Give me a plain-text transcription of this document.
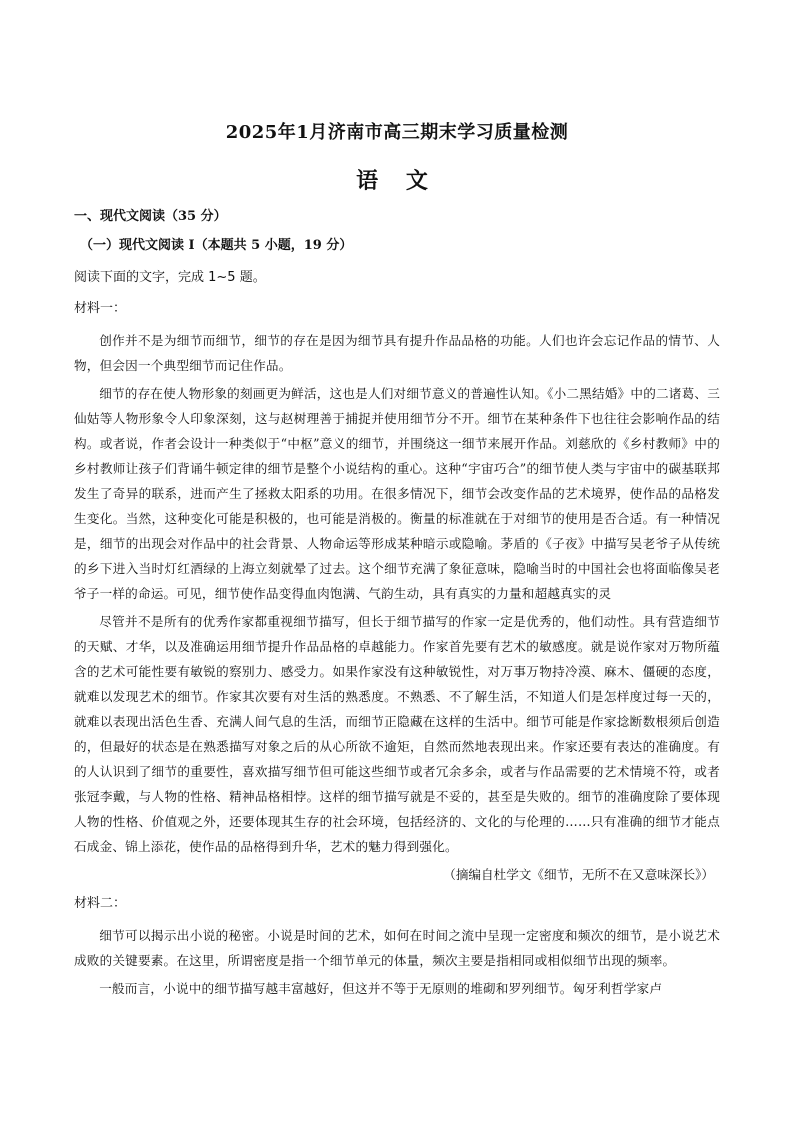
2025年1月济南市高三期末学习质量检测
语 文

一、现代文阅读（35 分）

（一）现代文阅读 I（本题共 5 小题，19 分）

阅读下面的文字，完成 1~5 题。

材料一：

创作并不是为细节而细节，细节的存在是因为细节具有提升作品品格的功能。人们也许会忘记作品的情节、人物，但会因一个典型细节而记住作品。

细节的存在使人物形象的刻画更为鲜活，这也是人们对细节意义的普遍性认知。《小二黑结婚》中的二诸葛、三仙姑等人物形象令人印象深刻，这与赵树理善于捕捉并使用细节分不开。细节在某种条件下也往往会影响作品的结构。或者说，作者会设计一种类似于“中枢”意义的细节，并围绕这一细节来展开作品。刘慈欣的《乡村教师》中的乡村教师让孩子们背诵牛顿定律的细节是整个小说结构的重心。这种“宇宙巧合”的细节使人类与宇宙中的碳基联邦发生了奇异的联系，进而产生了拯救太阳系的功用。在很多情况下，细节会改变作品的艺术境界，使作品的品格发生变化。当然，这种变化可能是积极的，也可能是消极的。衡量的标准就在于对细节的使用是否合适。有一种情况是，细节的出现会对作品中的社会背景、人物命运等形成某种暗示或隐喻。茅盾的《子夜》中描写吴老爷子从传统的乡下进入当时灯红酒绿的上海立刻就晕了过去。这个细节充满了象征意味，隐喻当时的中国社会也将面临像吴老爷子一样的命运。可见，细节使作品变得血肉饱满、气韵生动，具有真实的力量和超越真实的灵

尽管并不是所有的优秀作家都重视细节描写，但长于细节描写的作家一定是优秀的，他们动性。具有营造细节的天赋、才华，以及准确运用细节提升作品品格的卓越能力。作家首先要有艺术的敏感度。就是说作家对万物所蕴含的艺术可能性要有敏锐的察别力、感受力。如果作家没有这种敏锐性，对万事万物持冷漠、麻木、僵硬的态度，就难以发现艺术的细节。作家其次要有对生活的熟悉度。不熟悉、不了解生活，不知道人们是怎样度过每一天的，就难以表现出活色生香、充满人间气息的生活，而细节正隐藏在这样的生活中。细节可能是作家捻断数根须后创造的，但最好的状态是在熟悉描写对象之后的从心所欲不逾矩，自然而然地表现出来。作家还要有表达的准确度。有的人认识到了细节的重要性，喜欢描写细节但可能这些细节或者冗余多余，或者与作品需要的艺术情境不符，或者张冠李戴，与人物的性格、精神品格相悖。这样的细节描写就是不妥的，甚至是失败的。细节的准确度除了要体现人物的性格、价值观之外，还要体现其生存的社会环境，包括经济的、文化的与伦理的……只有准确的细节才能点石成金、锦上添花，使作品的品格得到升华，艺术的魅力得到强化。

（摘编自杜学文《细节，无所不在又意味深长》）

材料二：

细节可以揭示出小说的秘密。小说是时间的艺术，如何在时间之流中呈现一定密度和频次的细节，是小说艺术成败的关键要素。在这里，所谓密度是指一个细节单元的体量，频次主要是指相同或相似细节出现的频率。

一般而言，小说中的细节描写越丰富越好，但这并不等于无原则的堆砌和罗列细节。匈牙利哲学家卢
